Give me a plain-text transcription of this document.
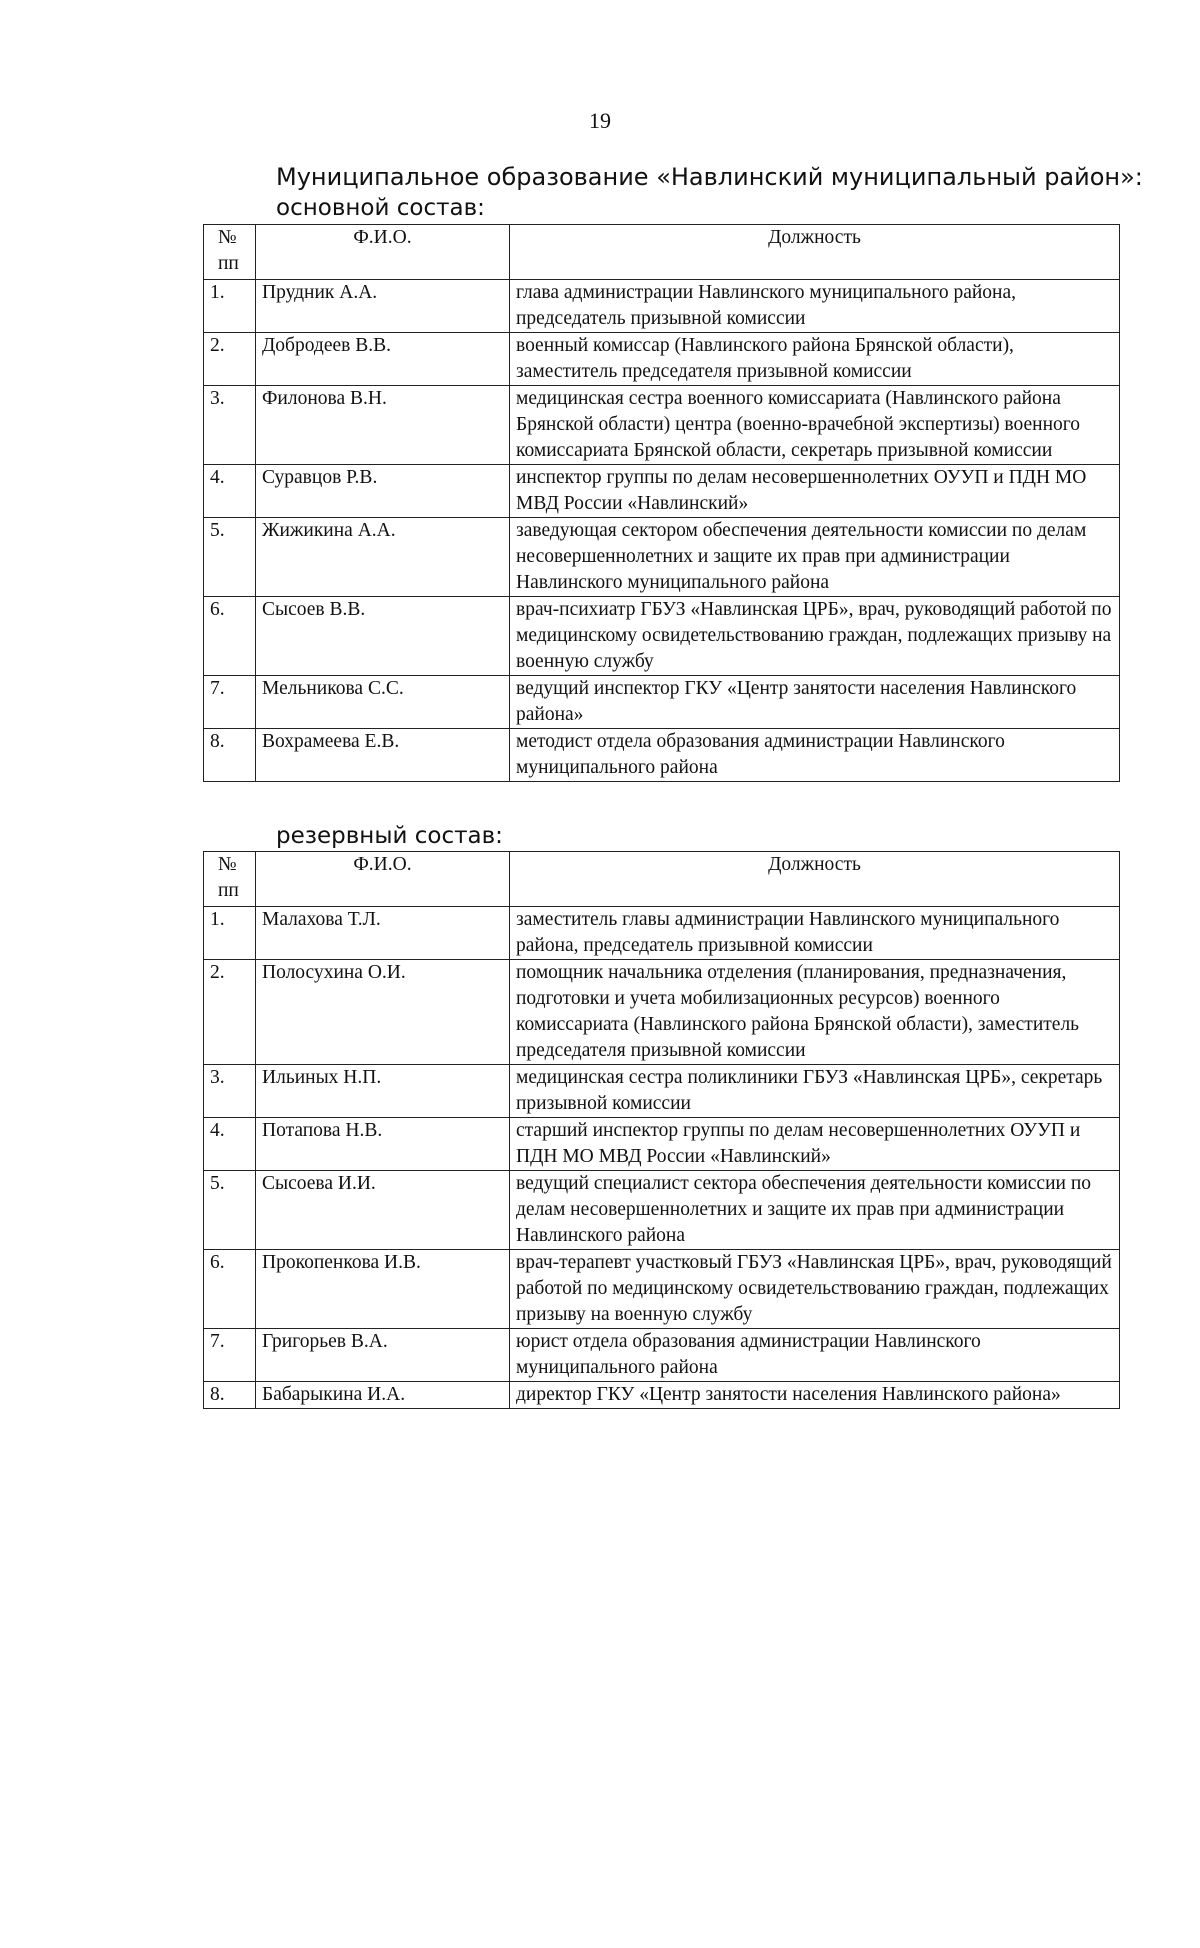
19
Муниципальное образование «Навлинский муниципальный район»:
основной состав:
№ пп	Ф.И.О.	Должность
1.	Прудник А.А.	глава администрации Навлинского муниципального района, председатель призывной комиссии
2.	Добродеев В.В.	военный комиссар (Навлинского района Брянской области), заместитель председателя призывной комиссии
3.	Филонова В.Н.	медицинская сестра военного комиссариата (Навлинского района Брянской области) центра (военно-врачебной экспертизы) военного комиссариата Брянской области, секретарь призывной комиссии
4.	Суравцов Р.В.	инспектор группы по делам несовершеннолетних ОУУП и ПДН МО МВД России «Навлинский»
5.	Жижикина А.А.	заведующая сектором обеспечения деятельности комиссии по делам несовершеннолетних и защите их прав при администрации Навлинского муниципального района
6.	Сысоев В.В.	врач-психиатр ГБУЗ «Навлинская ЦРБ», врач, руководящий работой по медицинскому освидетельствованию граждан, подлежащих призыву на военную службу
7.	Мельникова С.С.	ведущий инспектор ГКУ «Центр занятости населения Навлинского района»
8.	Вохрамеева Е.В.	методист отдела образования администрации Навлинского муниципального района
резервный состав:
№ пп	Ф.И.О.	Должность
1.	Малахова Т.Л.	заместитель главы администрации Навлинского муниципального района, председатель призывной комиссии
2.	Полосухина О.И.	помощник начальника отделения (планирования, предназначения, подготовки и учета мобилизационных ресурсов) военного комиссариата (Навлинского района Брянской области), заместитель председателя призывной комиссии
3.	Ильиных Н.П.	медицинская сестра поликлиники ГБУЗ «Навлинская ЦРБ», секретарь призывной комиссии
4.	Потапова Н.В.	старший инспектор группы по делам несовершеннолетних ОУУП и ПДН МО МВД России «Навлинский»
5.	Сысоева И.И.	ведущий специалист сектора обеспечения деятельности комиссии по делам несовершеннолетних и защите их прав при администрации Навлинского района
6.	Прокопенкова И.В.	врач-терапевт участковый ГБУЗ «Навлинская ЦРБ», врач, руководящий работой по медицинскому освидетельствованию граждан, подлежащих призыву на военную службу
7.	Григорьев В.А.	юрист отдела образования администрации Навлинского муниципального района
8.	Бабарыкина И.А.	директор ГКУ «Центр занятости населения Навлинского района»
